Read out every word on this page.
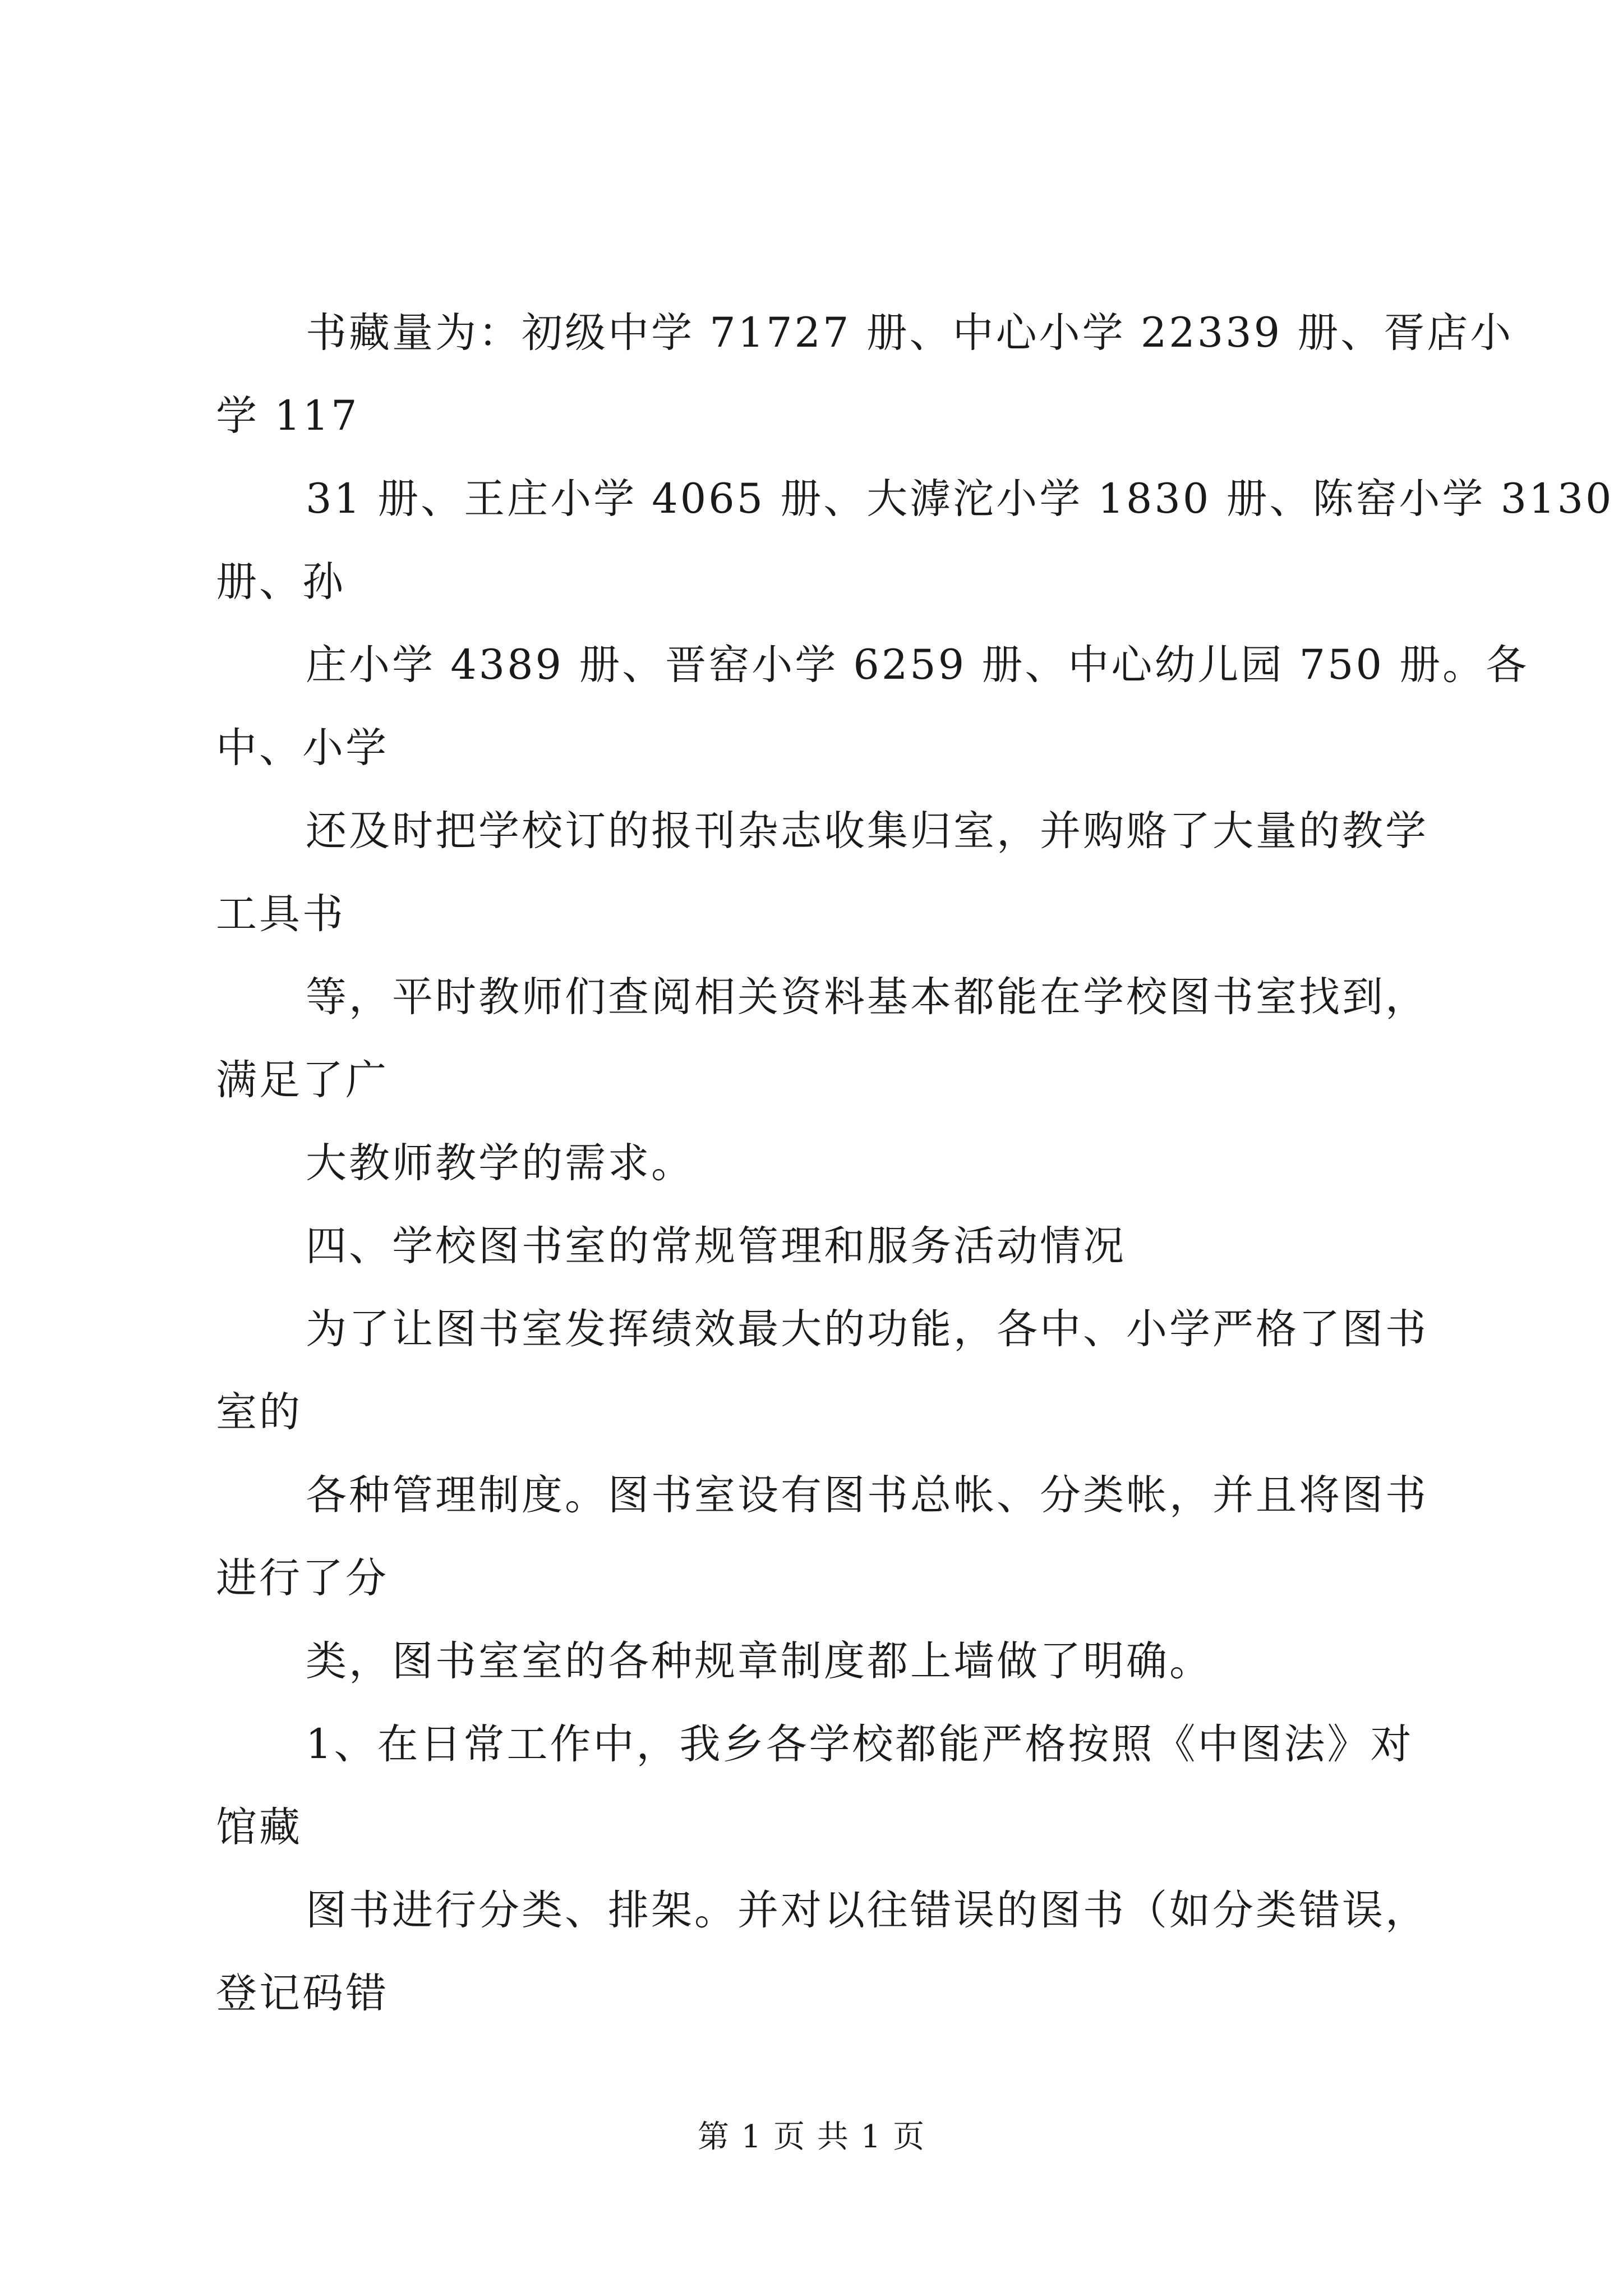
书藏量为：初级中学 71727 册、中心小学 22339 册、胥店小

学 117

31 册、王庄小学 4065 册、大滹沱小学 1830 册、陈窑小学 3130

册、孙

庄小学 4389 册、晋窑小学 6259 册、中心幼儿园 750 册。各

中、小学

还及时把学校订的报刊杂志收集归室，并购赂了大量的教学

工具书

等，平时教师们查阅相关资料基本都能在学校图书室找到，

满足了广

大教师教学的需求。

四、学校图书室的常规管理和服务活动情况

为了让图书室发挥绩效最大的功能，各中、小学严格了图书

室的

各种管理制度。图书室设有图书总帐、分类帐，并且将图书

进行了分

类，图书室室的各种规章制度都上墙做了明确。

1、在日常工作中，我乡各学校都能严格按照《中图法》对

馆藏

图书进行分类、排架。并对以往错误的图书（如分类错误，

登记码错

第 1 页 共 1 页
